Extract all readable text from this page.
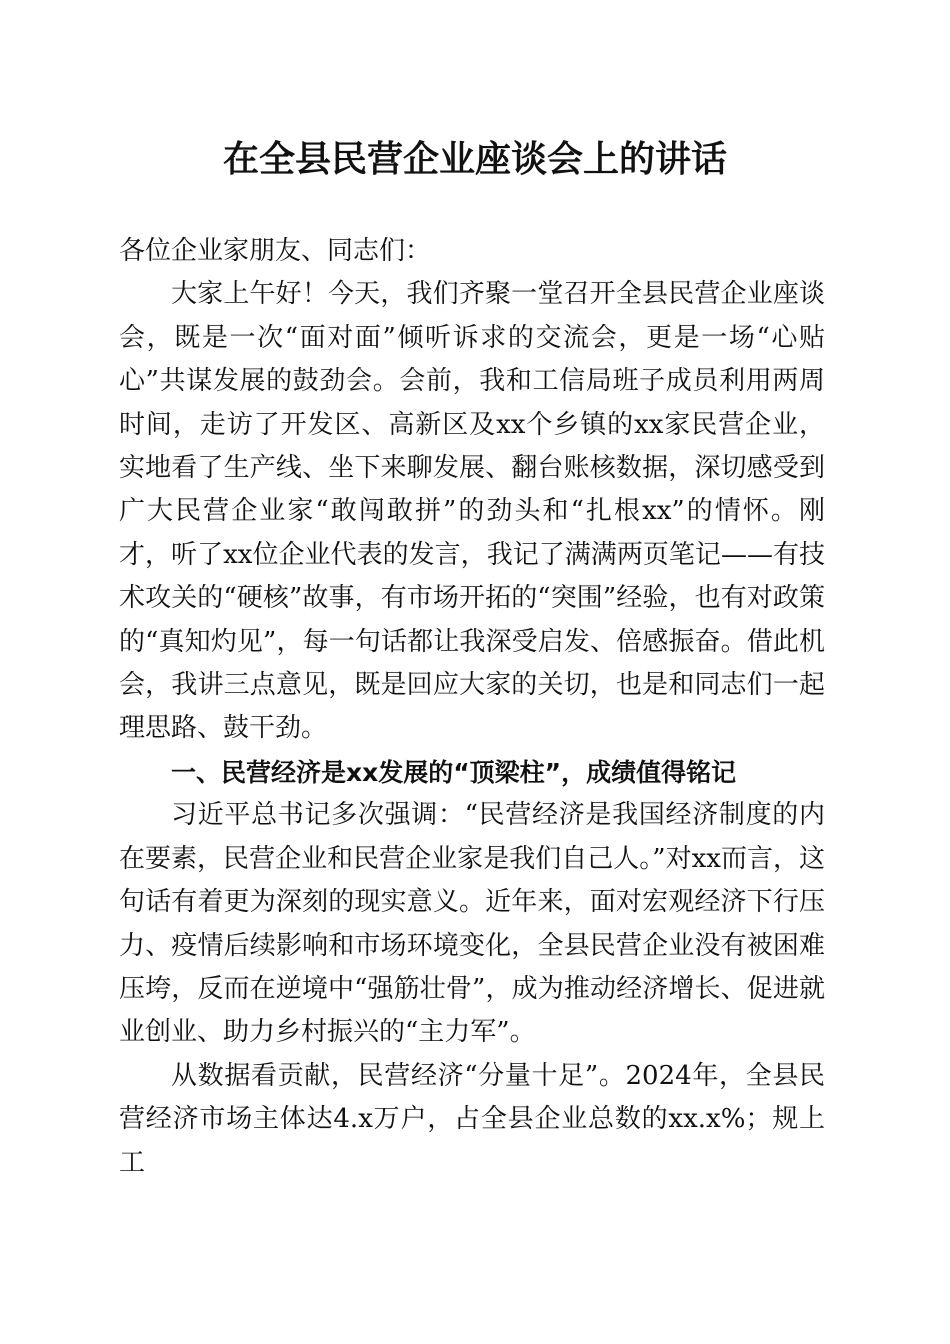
在全县民营企业座谈会上的讲话

各位企业家朋友、同志们：

大家上午好！今天，我们齐聚一堂召开全县民营企业座谈会，既是一次“面对面”倾听诉求的交流会，更是一场“心贴心”共谋发展的鼓劲会。会前，我和工信局班子成员利用两周时间，走访了开发区、高新区及xx个乡镇的xx家民营企业，实地看了生产线、坐下来聊发展、翻台账核数据，深切感受到广大民营企业家“敢闯敢拼”的劲头和“扎根xx”的情怀。刚才，听了xx位企业代表的发言，我记了满满两页笔记——有技术攻关的“硬核”故事，有市场开拓的“突围”经验，也有对政策的“真知灼见”，每一句话都让我深受启发、倍感振奋。借此机会，我讲三点意见，既是回应大家的关切，也是和同志们一起理思路、鼓干劲。

一、民营经济是xx发展的“顶梁柱”，成绩值得铭记

习近平总书记多次强调：“民营经济是我国经济制度的内在要素，民营企业和民营企业家是我们自己人。”对xx而言，这句话有着更为深刻的现实意义。近年来，面对宏观经济下行压力、疫情后续影响和市场环境变化，全县民营企业没有被困难压垮，反而在逆境中“强筋壮骨”，成为推动经济增长、促进就业创业、助力乡村振兴的“主力军”。

从数据看贡献，民营经济“分量十足”。2024年，全县民营经济市场主体达4.x万户，占全县企业总数的xx.x%；规上工
